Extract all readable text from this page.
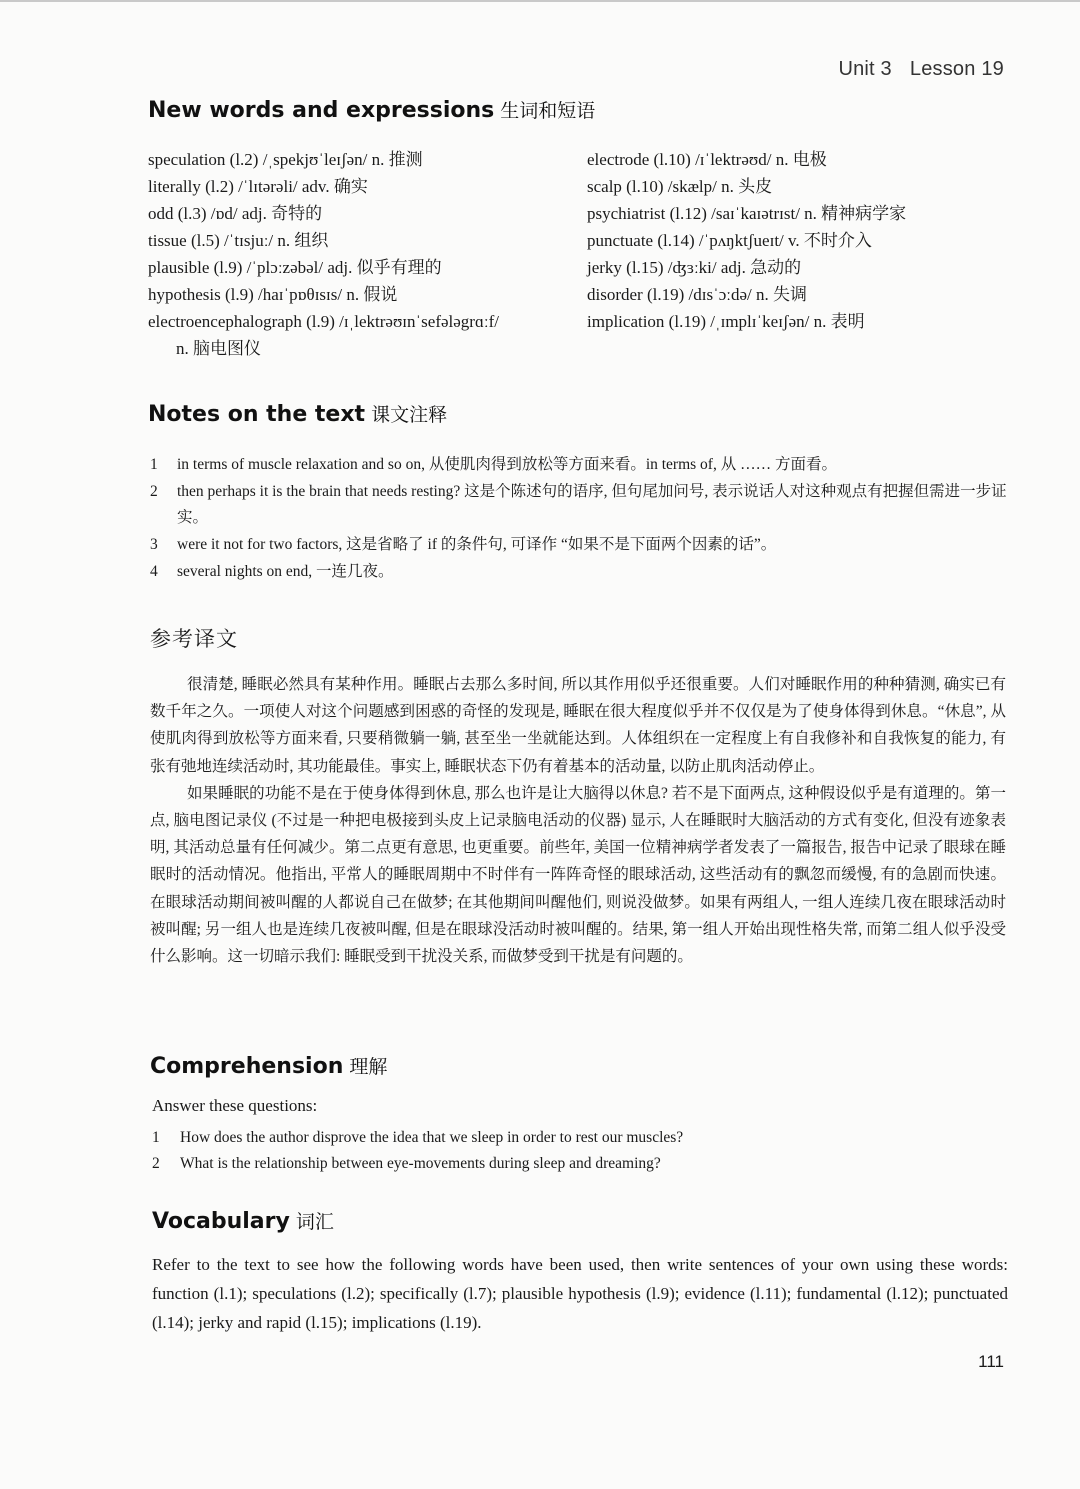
Unit 3 Lesson 19
New words and expressions 生词和短语
speculation (l.2) /ˌspekjʊˈleɪʃən/ n. 推测
literally (l.2) /ˈlɪtərəli/ adv. 确实
odd (l.3) /ɒd/ adj. 奇特的
tissue (l.5) /ˈtɪsjuː/ n. 组织
plausible (l.9) /ˈplɔːzəbəl/ adj. 似乎有理的
hypothesis (l.9) /haɪˈpɒθɪsɪs/ n. 假说
electroencephalograph (l.9) /ɪˌlektrəʊɪnˈsefələgrɑːf/
n. 脑电图仪
electrode (l.10) /ɪˈlektrəʊd/ n. 电极
scalp (l.10) /skælp/ n. 头皮
psychiatrist (l.12) /saɪˈkaɪətrɪst/ n. 精神病学家
punctuate (l.14) /ˈpʌŋktʃueɪt/ v. 不时介入
jerky (l.15) /ʤɜːki/ adj. 急动的
disorder (l.19) /dɪsˈɔːdə/ n. 失调
implication (l.19) /ˌɪmplɪˈkeɪʃən/ n. 表明
Notes on the text 课文注释
1	in terms of muscle relaxation and so on, 从使肌肉得到放松等方面来看。in terms of, 从 …… 方面看。
2	then perhaps it is the brain that needs resting? 这是个陈述句的语序, 但句尾加问号, 表示说话人对这种观点有把握但需进一步证实。
3	were it not for two factors, 这是省略了 if 的条件句, 可译作 “如果不是下面两个因素的话”。
4	several nights on end, 一连几夜。
参考译文

很清楚, 睡眠必然具有某种作用。睡眠占去那么多时间, 所以其作用似乎还很重要。人们对睡眠作用的种种猜测, 确实已有数千年之久。一项使人对这个问题感到困惑的奇怪的发现是, 睡眠在很大程度似乎并不仅仅是为了使身体得到休息。“休息”, 从使肌肉得到放松等方面来看, 只要稍微躺一躺, 甚至坐一坐就能达到。人体组织在一定程度上有自我修补和自我恢复的能力, 有张有弛地连续活动时, 其功能最佳。事实上, 睡眠状态下仍有着基本的活动量, 以防止肌肉活动停止。

如果睡眠的功能不是在于使身体得到休息, 那么也许是让大脑得以休息? 若不是下面两点, 这种假设似乎是有道理的。第一点, 脑电图记录仪 (不过是一种把电极接到头皮上记录脑电活动的仪器) 显示, 人在睡眠时大脑活动的方式有变化, 但没有迹象表明, 其活动总量有任何减少。第二点更有意思, 也更重要。前些年, 美国一位精神病学者发表了一篇报告, 报告中记录了眼球在睡眠时的活动情况。他指出, 平常人的睡眠周期中不时伴有一阵阵奇怪的眼球活动, 这些活动有的飘忽而缓慢, 有的急剧而快速。在眼球活动期间被叫醒的人都说自己在做梦; 在其他期间叫醒他们, 则说没做梦。如果有两组人, 一组人连续几夜在眼球活动时被叫醒; 另一组人也是连续几夜被叫醒, 但是在眼球没活动时被叫醒的。结果, 第一组人开始出现性格失常, 而第二组人似乎没受什么影响。这一切暗示我们: 睡眠受到干扰没关系, 而做梦受到干扰是有问题的。

Comprehension 理解
Answer these questions:
1	How does the author disprove the idea that we sleep in order to rest our muscles?
2	What is the relationship between eye-movements during sleep and dreaming?
Vocabulary 词汇
Refer to the text to see how the following words have been used, then write sentences of your own using these words: function (l.1); speculations (l.2); specifically (l.7); plausible hypothesis (l.9); evidence (l.11); fundamental (l.12); punctuated (l.14); jerky and rapid (l.15); implications (l.19).
111
